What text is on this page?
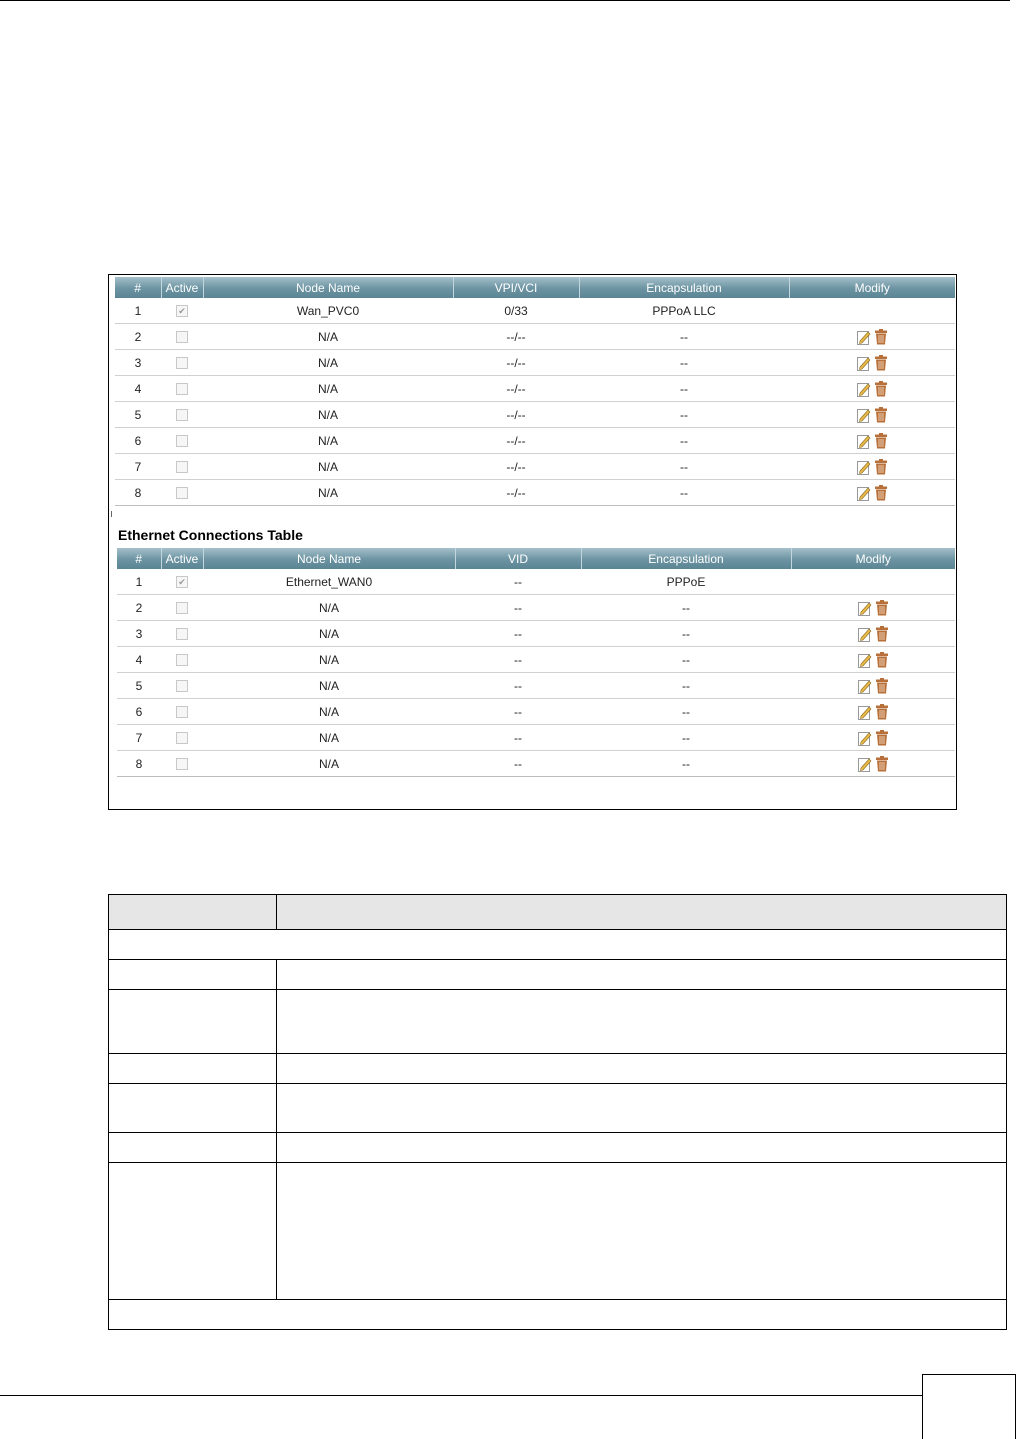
#	Active	Node Name	VPI/VCI	Encapsulation	Modify
1	✔	Wan_PVC0	0/33	PPPoA LLC	
2		N/A	--/--	--	

3		N/A	--/--	--	

4		N/A	--/--	--	

5		N/A	--/--	--	

6		N/A	--/--	--	

7		N/A	--/--	--	

8		N/A	--/--	--	
Ethernet Connections Table
#	Active	Node Name	VID	Encapsulation	Modify
1	✔	Ethernet_WAN0	--	PPPoE	
2		N/A	--	--	

3		N/A	--	--	

4		N/A	--	--	

5		N/A	--	--	

6		N/A	--	--	

7		N/A	--	--	

8		N/A	--	--	
